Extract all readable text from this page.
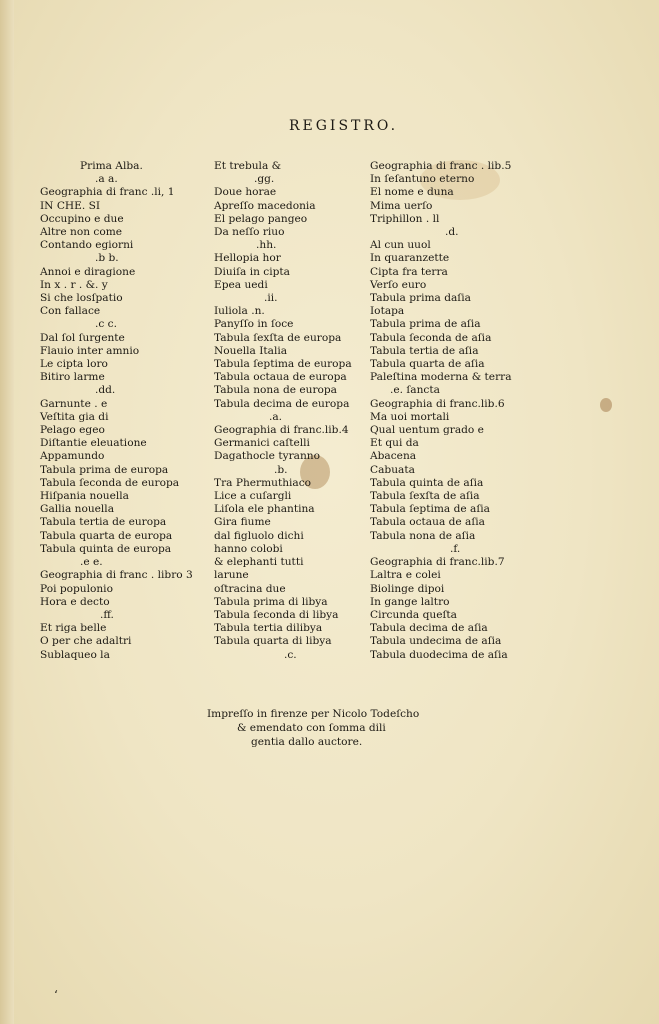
REGISTRO.
Prima Alba.
.a a.
Geographia di franc .li, 1
IN CHE. SI
Occupino e due
Altre non come
Contando egiorni
.b b.
Annoi e diragione
In x . r . &. y
Si che losſpatio
Con fallace
.c c.
Dal ſol ſurgente
Flauio inter amnio
Le cipta loro
Bitiro larme
.dd.
Garnunte . e
Veſtita gia di
Pelago egeo
Diſtantie eleuatione
Appamundo
Tabula prima de europa
Tabula ſeconda de europa
Hiſpania nouella
Gallia nouella
Tabula tertia de europa
Tabula quarta de europa
Tabula quinta de europa
.e e.
Geographia di franc . libro 3
Poi populonio
Hora e decto
.ff.
Et riga belle
O per che adaltri
Sublaqueo la
Et trebula &
.gg.
Doue horae
Apreſſo macedonia
El pelago pangeo
Da neſſo riuo
.hh.
Hellopia hor
Diuiſa in cipta
Epea uedi
.ii.
Iuliola .n.
Panyſſo in ſoce
Tabula ſexſta de europa
Nouella Italia
Tabula ſeptima de europa
Tabula octaua de europa
Tabula nona de europa
Tabula decima de europa
.a.
Geographia di franc.lib.4
Germanici caſtelli
Dagathocle tyranno
.b.
Tra Phermuthiaco
Lice a cuſargli
Liſola ele phantina
Gira fiume
dal figluolo dichi
hanno colobi
& elephanti tutti
larune
oſtracina due
Tabula prima di libya
Tabula ſeconda di libya
Tabula tertia dilibya
Tabula quarta di libya
.c.
Geographia di franc . lib.5
In ſeſantuno eterno
El nome e duna
Mima uerſo
Triphillon . ll
.d.
Al cun uuol
In quaranzette
Cipta fra terra
Verſo euro
Tabula prima daſia
Iotapa
Tabula prima de aſia
Tabula ſeconda de aſia
Tabula tertia de aſia
Tabula quarta de aſia
Paleſtina moderna & terra
.e. ſancta
Geographia di franc.lib.6
Ma uoi mortali
Qual uentum grado e
Et qui da
Abacena
Cabuata
Tabula quinta de aſia
Tabula ſexſta de aſia
Tabula ſeptima de aſia
Tabula octaua de aſia
Tabula nona de aſia
.f.
Geographia di franc.lib.7
Laltra e colei
Biolinge dipoi
In gange laltro
Circunda queſta
Tabula decima de aſia
Tabula undecima de aſia
Tabula duodecima de aſia
Impreſſo in firenze per Nicolo Todeſcho
& emendato con ſomma dili
gentia dallo auctore.
ʻ
